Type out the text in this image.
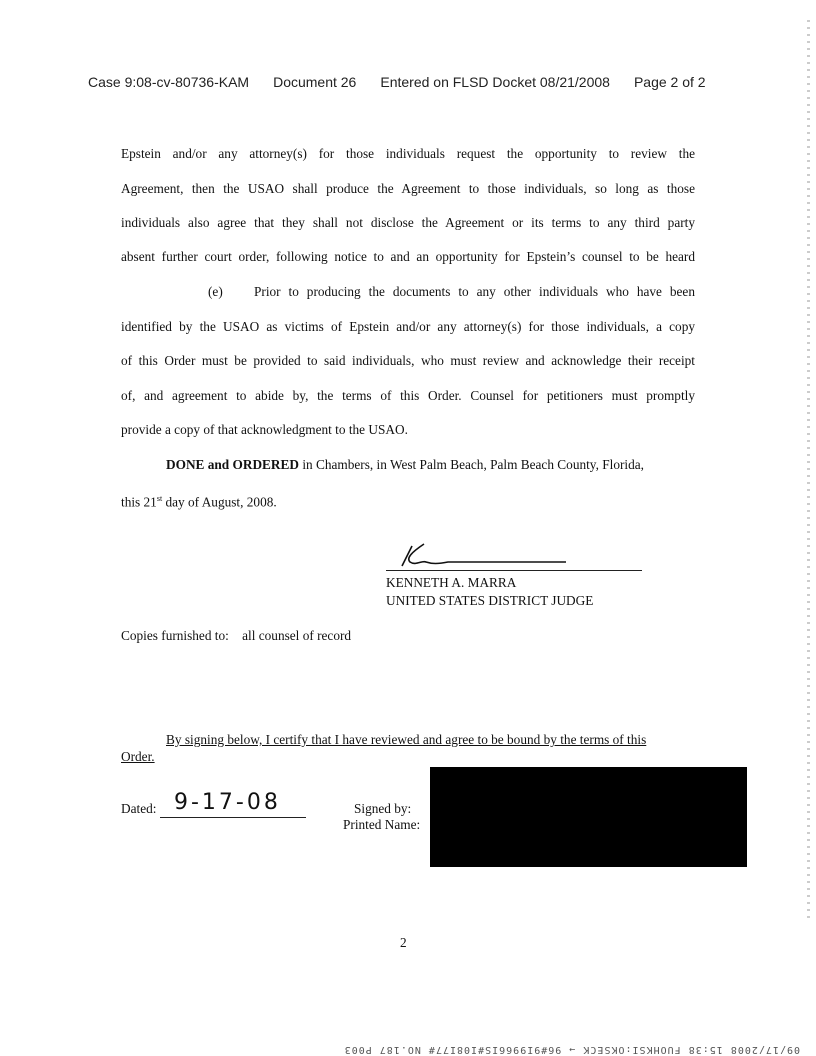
Case 9:08-cv-80736-KAM Document 26 Entered on FLSD Docket 08/21/2008 Page 2 of 2
Epstein and/or any attorney(s) for those individuals request the opportunity to review the
Agreement, then the USAO shall produce the Agreement to those individuals, so long as those
individuals also agree that they shall not disclose the Agreement or its terms to any third party
absent further court order, following notice to and an opportunity for Epstein’s counsel to be heard
(e)	Prior to producing the documents to any other individuals who have been
identified by the USAO as victims of Epstein and/or any attorney(s) for those individuals, a copy
of this Order must be provided to said individuals, who must review and acknowledge their receipt
of, and agreement to abide by, the terms of this Order. Counsel for petitioners must promptly
provide a copy of that acknowledgment to the USAO.
DONE and ORDERED in Chambers, in West Palm Beach, Palm Beach County, Florida,
this 21st day of August, 2008.
KENNETH A. MARRA
UNITED STATES DISTRICT JUDGE
Copies furnished to:    all counsel of record
By signing below, I certify that I have reviewed and agree to be bound by the terms of this
Order.
Dated: 9-17-08	Signed by:
Printed Name:
2
09/17/2008 15:38 FUOHKSI:OKSECK → 96#9I9966IS#I08I77# NO.187 P003
